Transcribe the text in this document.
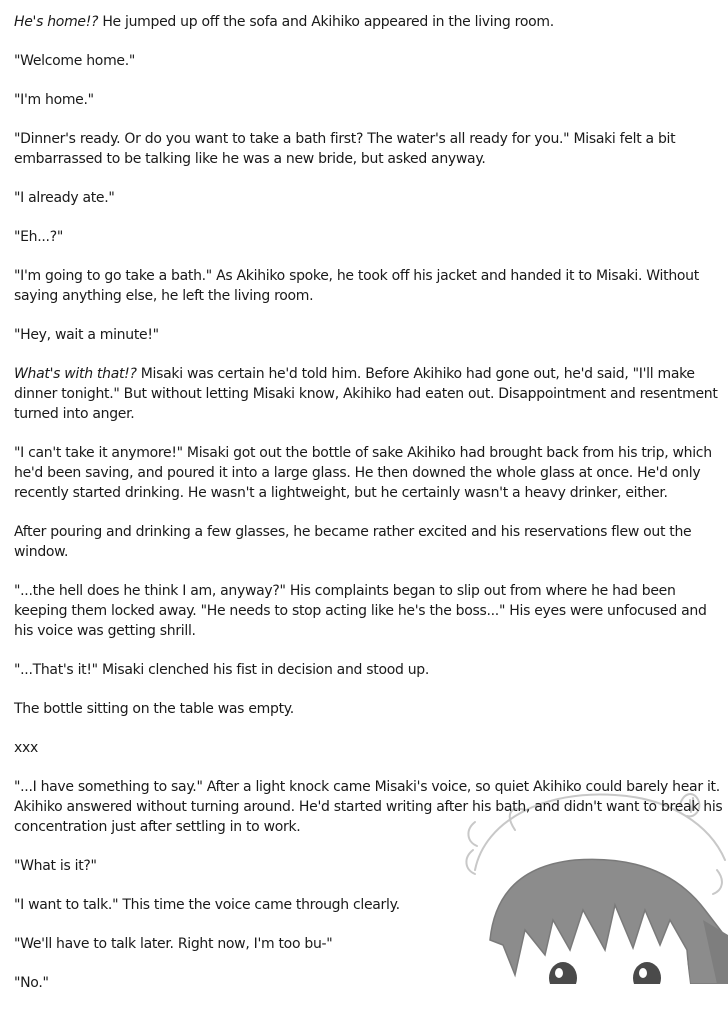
He's home!? He jumped up off the sofa and Akihiko appeared in the living room.

"Welcome home."

"I'm home."

"Dinner's ready. Or do you want to take a bath first? The water's all ready for you." Misaki felt a bit embarrassed to be talking like he was a new bride, but asked anyway.

"I already ate."

"Eh...?"

"I'm going to go take a bath." As Akihiko spoke, he took off his jacket and handed it to Misaki. Without saying anything else, he left the living room.

"Hey, wait a minute!"

What's with that!? Misaki was certain he'd told him. Before Akihiko had gone out, he'd said, "I'll make dinner tonight." But without letting Misaki know, Akihiko had eaten out. Disappointment and resentment turned into anger.

"I can't take it anymore!" Misaki got out the bottle of sake Akihiko had brought back from his trip, which he'd been saving, and poured it into a large glass. He then downed the whole glass at once. He'd only recently started drinking. He wasn't a lightweight, but he certainly wasn't a heavy drinker, either.

After pouring and drinking a few glasses, he became rather excited and his reservations flew out the window.

"...the hell does he think I am, anyway?" His complaints began to slip out from where he had been keeping them locked away. "He needs to stop acting like he's the boss..." His eyes were unfocused and his voice was getting shrill.

"...That's it!" Misaki clenched his fist in decision and stood up.

The bottle sitting on the table was empty.

xxx

"...I have something to say." After a light knock came Misaki's voice, so quiet Akihiko could barely hear it. Akihiko answered without turning around. He'd started writing after his bath, and didn't want to break his concentration just after settling in to work.

"What is it?"

"I want to talk." This time the voice came through clearly.

"We'll have to talk later. Right now, I'm too bu-"

"No."
